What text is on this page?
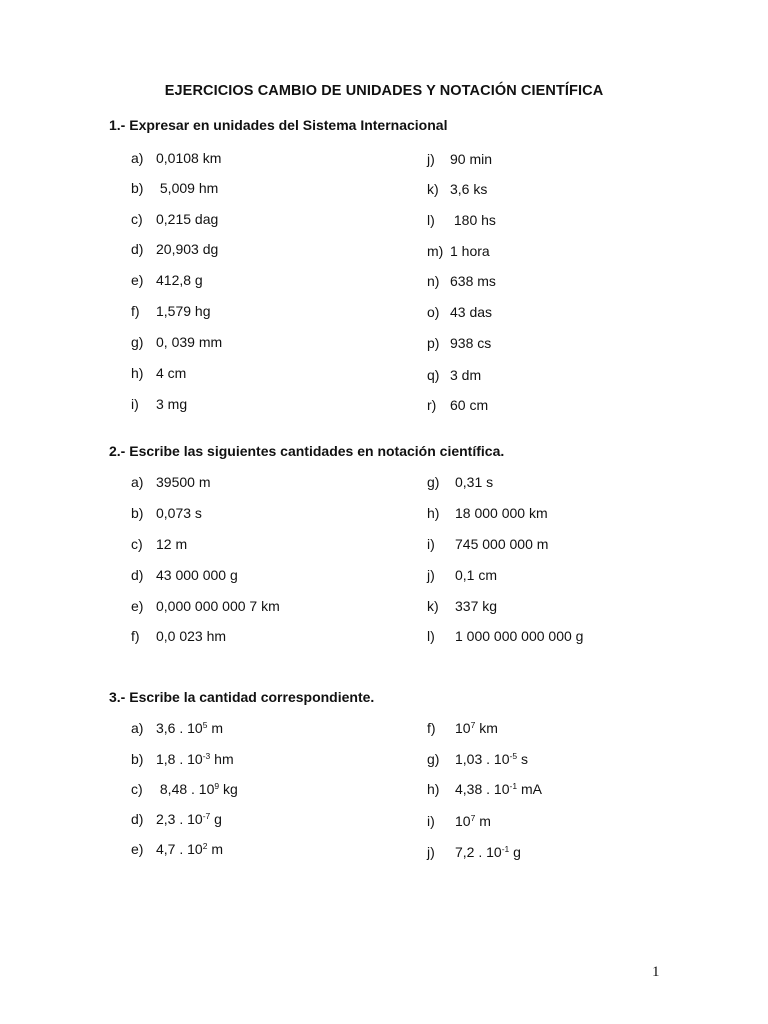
EJERCICIOS CAMBIO DE UNIDADES Y NOTACIÓN CIENTÍFICA
1.- Expresar en unidades del Sistema Internacional
2.- Escribe las siguientes cantidades en notación científica.
3.- Escribe la cantidad correspondiente.
a) 0,0108 km
b) 5,009 hm
c) 0,215 dag
d) 20,903 dg
e) 412,8 g
f) 1,579 hg
g) 0, 039 mm
h) 4 cm
i) 3 mg
j) 90 min
k) 3,6 ks
l) 180 hs
m) 1 hora
n) 638 ms
o) 43 das
p) 938 cs
q) 3 dm
r) 60 cm
a) 39500 m
b) 0,073 s
c) 12 m
d) 43 000 000 g
e) 0,000 000 000 7 km
f) 0,0 023 hm
g) 0,31 s
h) 18 000 000 km
i) 745 000 000 m
j) 0,1 cm
k) 337 kg
l) 1 000 000 000 000 g
a) 3,6 . $10^5$ m
b) 1,8 . $10^{-3}$ hm
c) 8,48 . $10^9$ kg
d) 2,3 . $10^{-7}$ g
e) 4,7 . $10^2$ m
f) $10^7$ km
g) 1,03 . $10^{-5}$ s
h) 4,38 . $10^{-1}$ mA
i) $10^7$ m
j) 7,2 . $10^{-1}$ g
1
